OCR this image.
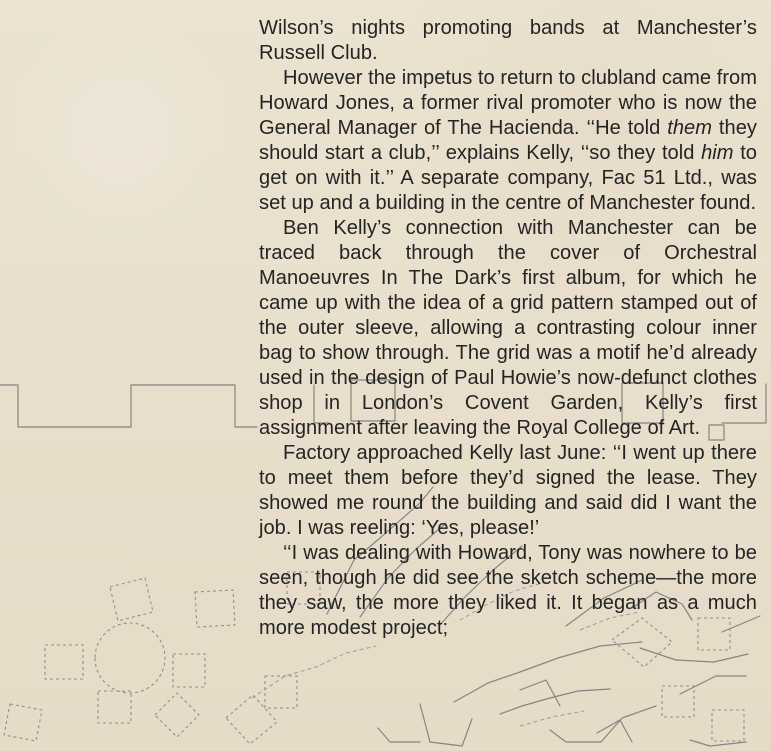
Wilson’s nights promoting bands at Manchester’s Russell Club.

However the impetus to return to clubland came from Howard Jones, a former rival promoter who is now the General Manager of The Hacienda. ‘‘He told them they should start a club,’’ explains Kelly, ‘‘so they told him to get on with it.’’ A separate company, Fac 51 Ltd., was set up and a building in the centre of Manchester found.

Ben Kelly’s connection with Manchester can be traced back through the cover of Orchestral Manoeuvres In The Dark’s first album, for which he came up with the idea of a grid pattern stamped out of the outer sleeve, allowing a contrasting colour inner bag to show through. The grid was a motif he’d already used in the design of Paul Howie’s now-defunct clothes shop in London’s Covent Garden, Kelly’s first assignment after leaving the Royal College of Art.

Factory approached Kelly last June: ‘‘I went up there to meet them before they’d signed the lease. They showed me round the building and said did I want the job. I was reeling: ‘Yes, please!’

‘‘I was dealing with Howard, Tony was nowhere to be seen, though he did see the sketch scheme—the more they saw, the more they liked it. It began as a much more modest project;
